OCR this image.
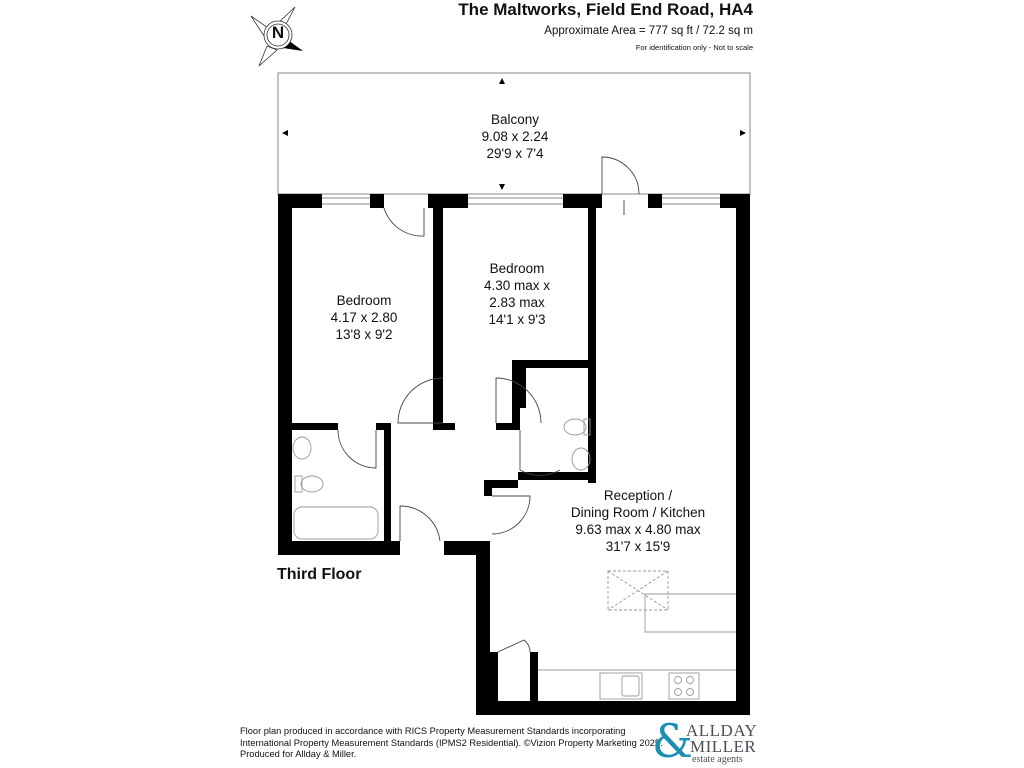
The Maltworks, Field End Road, HA4
Approximate Area = 777 sq ft / 72.2 sq m
For identification only - Not to scale
N
Balcony
9.08 x 2.24
29'9 x 7'4
Bedroom
4.17 x 2.80
13'8 x 9'2
Bedroom
4.30 max x
2.83 max
14'1 x 9'3
Reception /
Dining Room / Kitchen
9.63 max x 4.80 max
31'7 x 15'9
Third Floor
Floor plan produced in accordance with RICS Property Measurement Standards incorporating
International Property Measurement Standards (IPMS2 Residential). ©Vizion Property Marketing 2025.
Produced for Allday & Miller.	&
ALLDAY
MILLER
estate agents
